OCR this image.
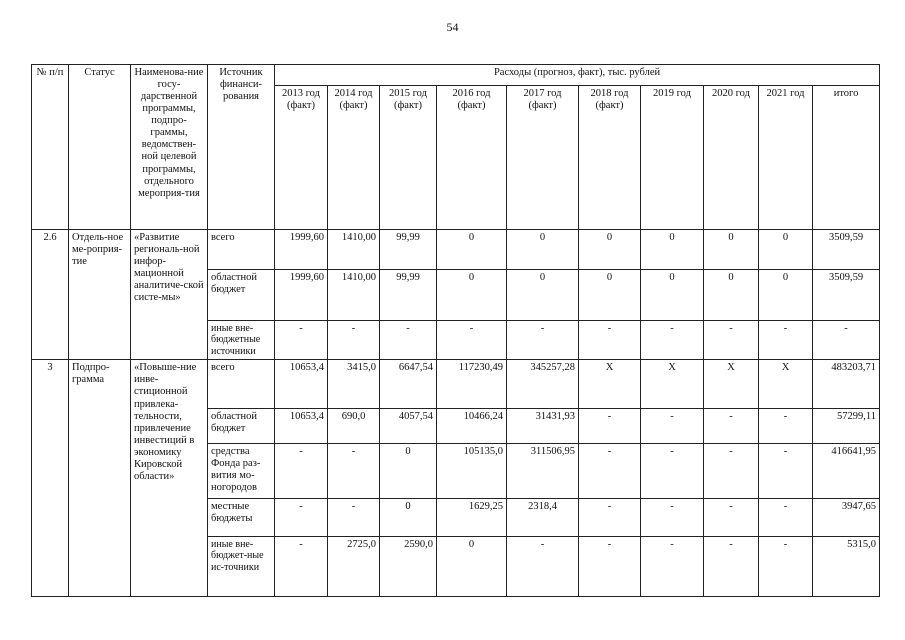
54
№ п/п	Статус	Наименова-ние госу-дарственной программы, подпро-граммы, ведомствен-ной целевой программы, отдельного мероприя-тия	Источник финанси-рования	Расходы (прогноз, факт), тыс. рублей									
				2013 год (факт)	2014 год (факт)	2015 год (факт)	2016 год (факт)	2017 год (факт)	2018 год (факт)	2019 год	2020 год	2021 год	итого
2.6	Отдель-ное ме-роприя-тие	«Развитие региональ-ной инфор-мационной аналитиче-ской систе-мы»	всего	1999,60	1410,00	99,99	0	0	0	0	0	0	3509,59
			областной бюджет	1999,60	1410,00	99,99	0	0	0	0	0	0	3509,59
			иные вне-бюджетные источники	-	-	-	-	-	-	-	-	-	-
3	Подпро-грамма	«Повыше-ние инве-стиционной привлека-тельности, привлечение инвестиций в экономику Кировской области»	всего	10653,4	3415,0	6647,54	117230,49	345257,28	X	X	X	X	483203,71
			областной бюджет	10653,4	690,0	4057,54	10466,24	31431,93	-	-	-	-	57299,11
			средства Фонда раз-вития мо-ногородов	-	-	0	105135,0	311506,95	-	-	-	-	416641,95
			местные бюджеты	-	-	0	1629,25	2318,4	-	-	-	-	3947,65
			иные вне-бюджет-ные ис-точники	-	2725,0	2590,0	0	-	-	-	-	-	5315,0
